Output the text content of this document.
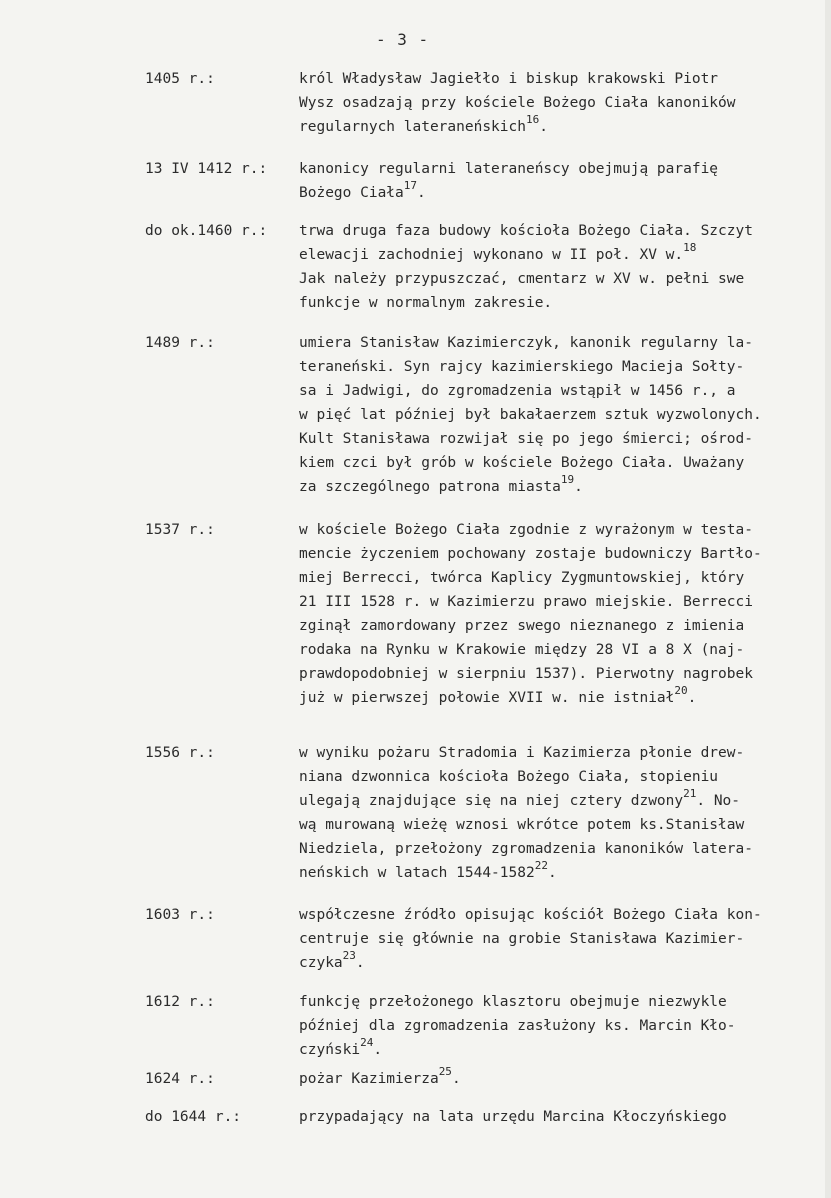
- 3 -
1405 r.:	król Władysław Jagiełło i biskup krakowski Piotr
Wysz osadzają przy kościele Bożego Ciała kanoników
regularnych lateraneńskich$^{16}$.
13 IV 1412 r.: kanonicy regularni lateraneńscy obejmują parafię
Bożego Ciała$^{17}$.
do ok.1460 r.: trwa druga faza budowy kościoła Bożego Ciała. Szczyt
elewacji zachodniej wykonano w II poł. XV w.$^{18}$
Jak należy przypuszczać, cmentarz w XV w. pełni swe
funkcje w normalnym zakresie.
1489 r.:	umiera Stanisław Kazimierczyk, kanonik regularny la-
teraneński. Syn rajcy kazimierskiego Macieja Sołty-
sa i Jadwigi, do zgromadzenia wstąpił w 1456 r., a
w pięć lat później był bakałaerzem sztuk wyzwolonych.
Kult Stanisława rozwijał się po jego śmierci; ośrod-
kiem czci był grób w kościele Bożego Ciała. Uważany
za szczególnego patrona miasta$^{19}$.
1537 r.:	w kościele Bożego Ciała zgodnie z wyrażonym w testa-
mencie życzeniem pochowany zostaje budowniczy Bartło-
miej Berrecci, twórca Kaplicy Zygmuntowskiej, który
21 III 1528 r. w Kazimierzu prawo miejskie. Berrecci
zginął zamordowany przez swego nieznanego z imienia
rodaka na Rynku w Krakowie między 28 VI a 8 X (naj-
prawdopodobniej w sierpniu 1537). Pierwotny nagrobek
już w pierwszej połowie XVII w. nie istniał$^{20}$.
1556 r.:	w wyniku pożaru Stradomia i Kazimierza płonie drew-
niana dzwonnica kościoła Bożego Ciała, stopieniu
ulegają znajdujące się na niej cztery dzwony$^{21}$. No-
wą murowaną wieżę wznosi wkrótce potem ks.Stanisław
Niedziela, przełożony zgromadzenia kanoników latera-
neńskich w latach 1544-1582$^{22}$.
1603 r.:	współczesne źródło opisując kościół Bożego Ciała kon-
centruje się głównie na grobie Stanisława Kazimier-
czyka$^{23}$.
1612 r.:	funkcję przełożonego klasztoru obejmuje niezwykle
później dla zgromadzenia zasłużony ks. Marcin Kło-
czyński$^{24}$.
1624 r.:	pożar Kazimierza$^{25}$.
do 1644 r.:	przypadający na lata urzędu Marcina Kłoczyńskiego
